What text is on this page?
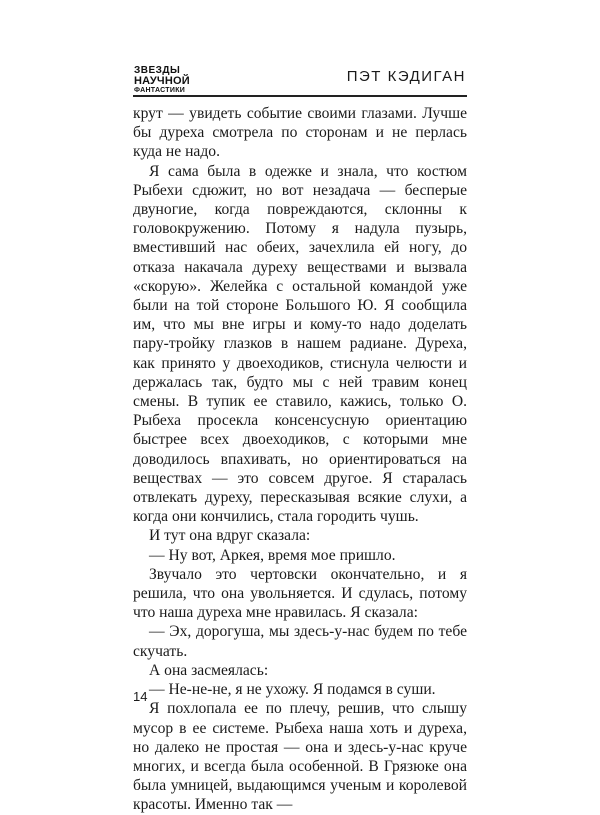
ЗВЕЗДЫ
НАУЧНОЙ
ФАНТАСТИКИ
ПЭТ КЭДИГАН

крут — увидеть событие своими глазами. Лучше бы дуреха смотрела по сторонам и не перлась куда не надо.

Я сама была в одежке и знала, что костюм Рыбехи сдюжит, но вот незадача — бесперые двуногие, когда повреждаются, склонны к головокружению. Потому я надула пузырь, вместивший нас обеих, зачехлила ей ногу, до отказа накачала дуреху веществами и вызвала «скорую». Желейка с остальной командой уже были на той стороне Большого Ю. Я сообщила им, что мы вне игры и кому-то надо доделать пару-тройку глазков в нашем радиане. Дуреха, как принято у двоеходиков, стиснула челюсти и держалась так, будто мы с ней травим конец смены. В тупик ее ставило, кажись, только О. Рыбеха просекла консенсусную ориентацию быстрее всех двоеходиков, с которыми мне доводилось впахивать, но ориентироваться на веществах — это совсем другое. Я старалась отвлекать дуреху, пересказывая всякие слухи, а когда они кончились, стала городить чушь.

И тут она вдруг сказала:

— Ну вот, Аркея, время мое пришло.

Звучало это чертовски окончательно, и я решила, что она увольняется. И сдулась, потому что наша дуреха мне нравилась. Я сказала:

— Эх, дорогуша, мы здесь-у-нас будем по тебе скучать.

А она засмеялась:

— Не-не-не, я не ухожу. Я подамся в суши.

Я похлопала ее по плечу, решив, что слышу мусор в ее системе. Рыбеха наша хоть и дуреха, но далеко не простая — она и здесь-у-нас круче многих, и всегда была особенной. В Грязюке она была умницей, выдающимся ученым и королевой красоты. Именно так —

14
